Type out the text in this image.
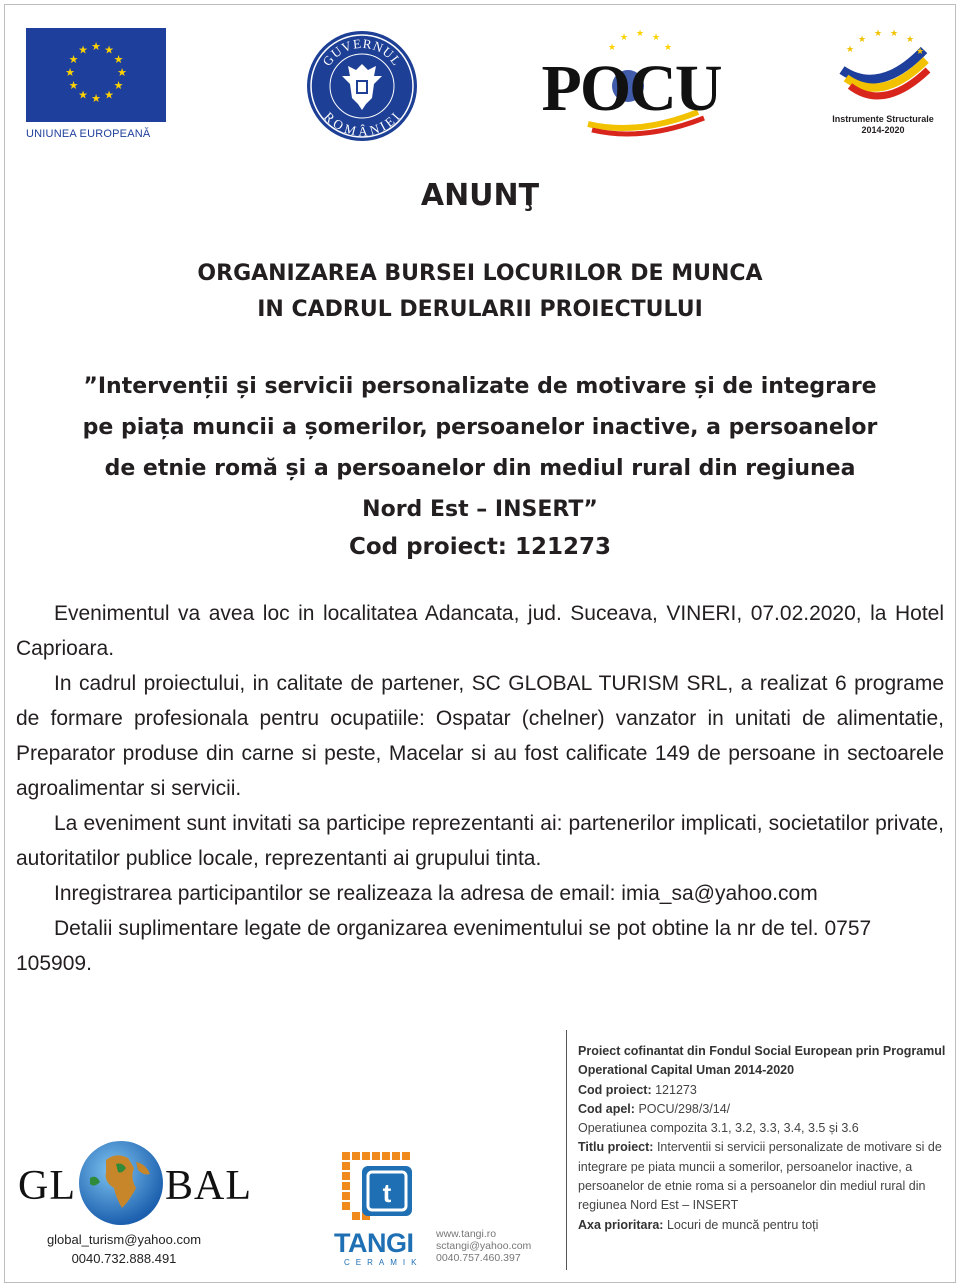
★ ★
★
★
★
★
★
★
★
★
★
★
UNIUNEA EUROPEANĂ
GUVERNUL
ROMÂNIEI
★ ★ ★
★	★
POCU
★
★ ★
★
★	★
Instrumente Structurale
2014-2020
ANUNŢ
ORGANIZAREA BURSEI LOCURILOR DE MUNCA
IN CADRUL DERULARII PROIECTULUI
”Intervenții și servicii personalizate de motivare și de integrare
pe piața muncii a șomerilor, persoanelor inactive, a persoanelor
de etnie romă și a persoanelor din mediul rural din regiunea
Nord Est – INSERT”
Cod proiect: 121273

Evenimentul va avea loc in localitatea Adancata, jud. Suceava, VINERI, 07.02.2020, la Hotel Caprioara.

In cadrul proiectului, in calitate de partener, SC GLOBAL TURISM SRL, a realizat 6 programe de formare profesionala pentru ocupatiile: Ospatar (chelner) vanzator in unitati de alimentatie, Preparator produse din carne si peste, Macelar si au fost calificate 149 de persoane in sectoarele agroalimentar si servicii.

La eveniment sunt invitati sa participe reprezentanti ai: partenerilor implicati, societatilor private, autoritatilor publice locale, reprezentanti ai grupului tinta.

Inregistrarea participantilor se realizeaza la adresa de email: imia_sa@yahoo.com

Detalii suplimentare legate de organizarea evenimentului se pot obtine la nr de tel. 0757 105909.

Proiect cofinantat din Fondul Social European prin Programul Operational Capital Uman 2014-2020
Cod proiect: 121273
Cod apel: POCU/298/3/14/
Operatiunea compozita 3.1, 3.2, 3.3, 3.4, 3.5 și 3.6
Titlu proiect: Interventii si servicii personalizate de motivare si de integrare pe piata muncii a somerilor, persoanelor inactive, a persoanelor de etnie roma si a persoanelor din mediul rural din regiunea Nord Est – INSERT
Axa prioritara: Locuri de muncă pentru toți
GL BAL
global_turism@yahoo.com
0040.732.888.491
t
TANGI
CERAMIK
www.tangi.ro
sctangi@yahoo.com
0040.757.460.397
